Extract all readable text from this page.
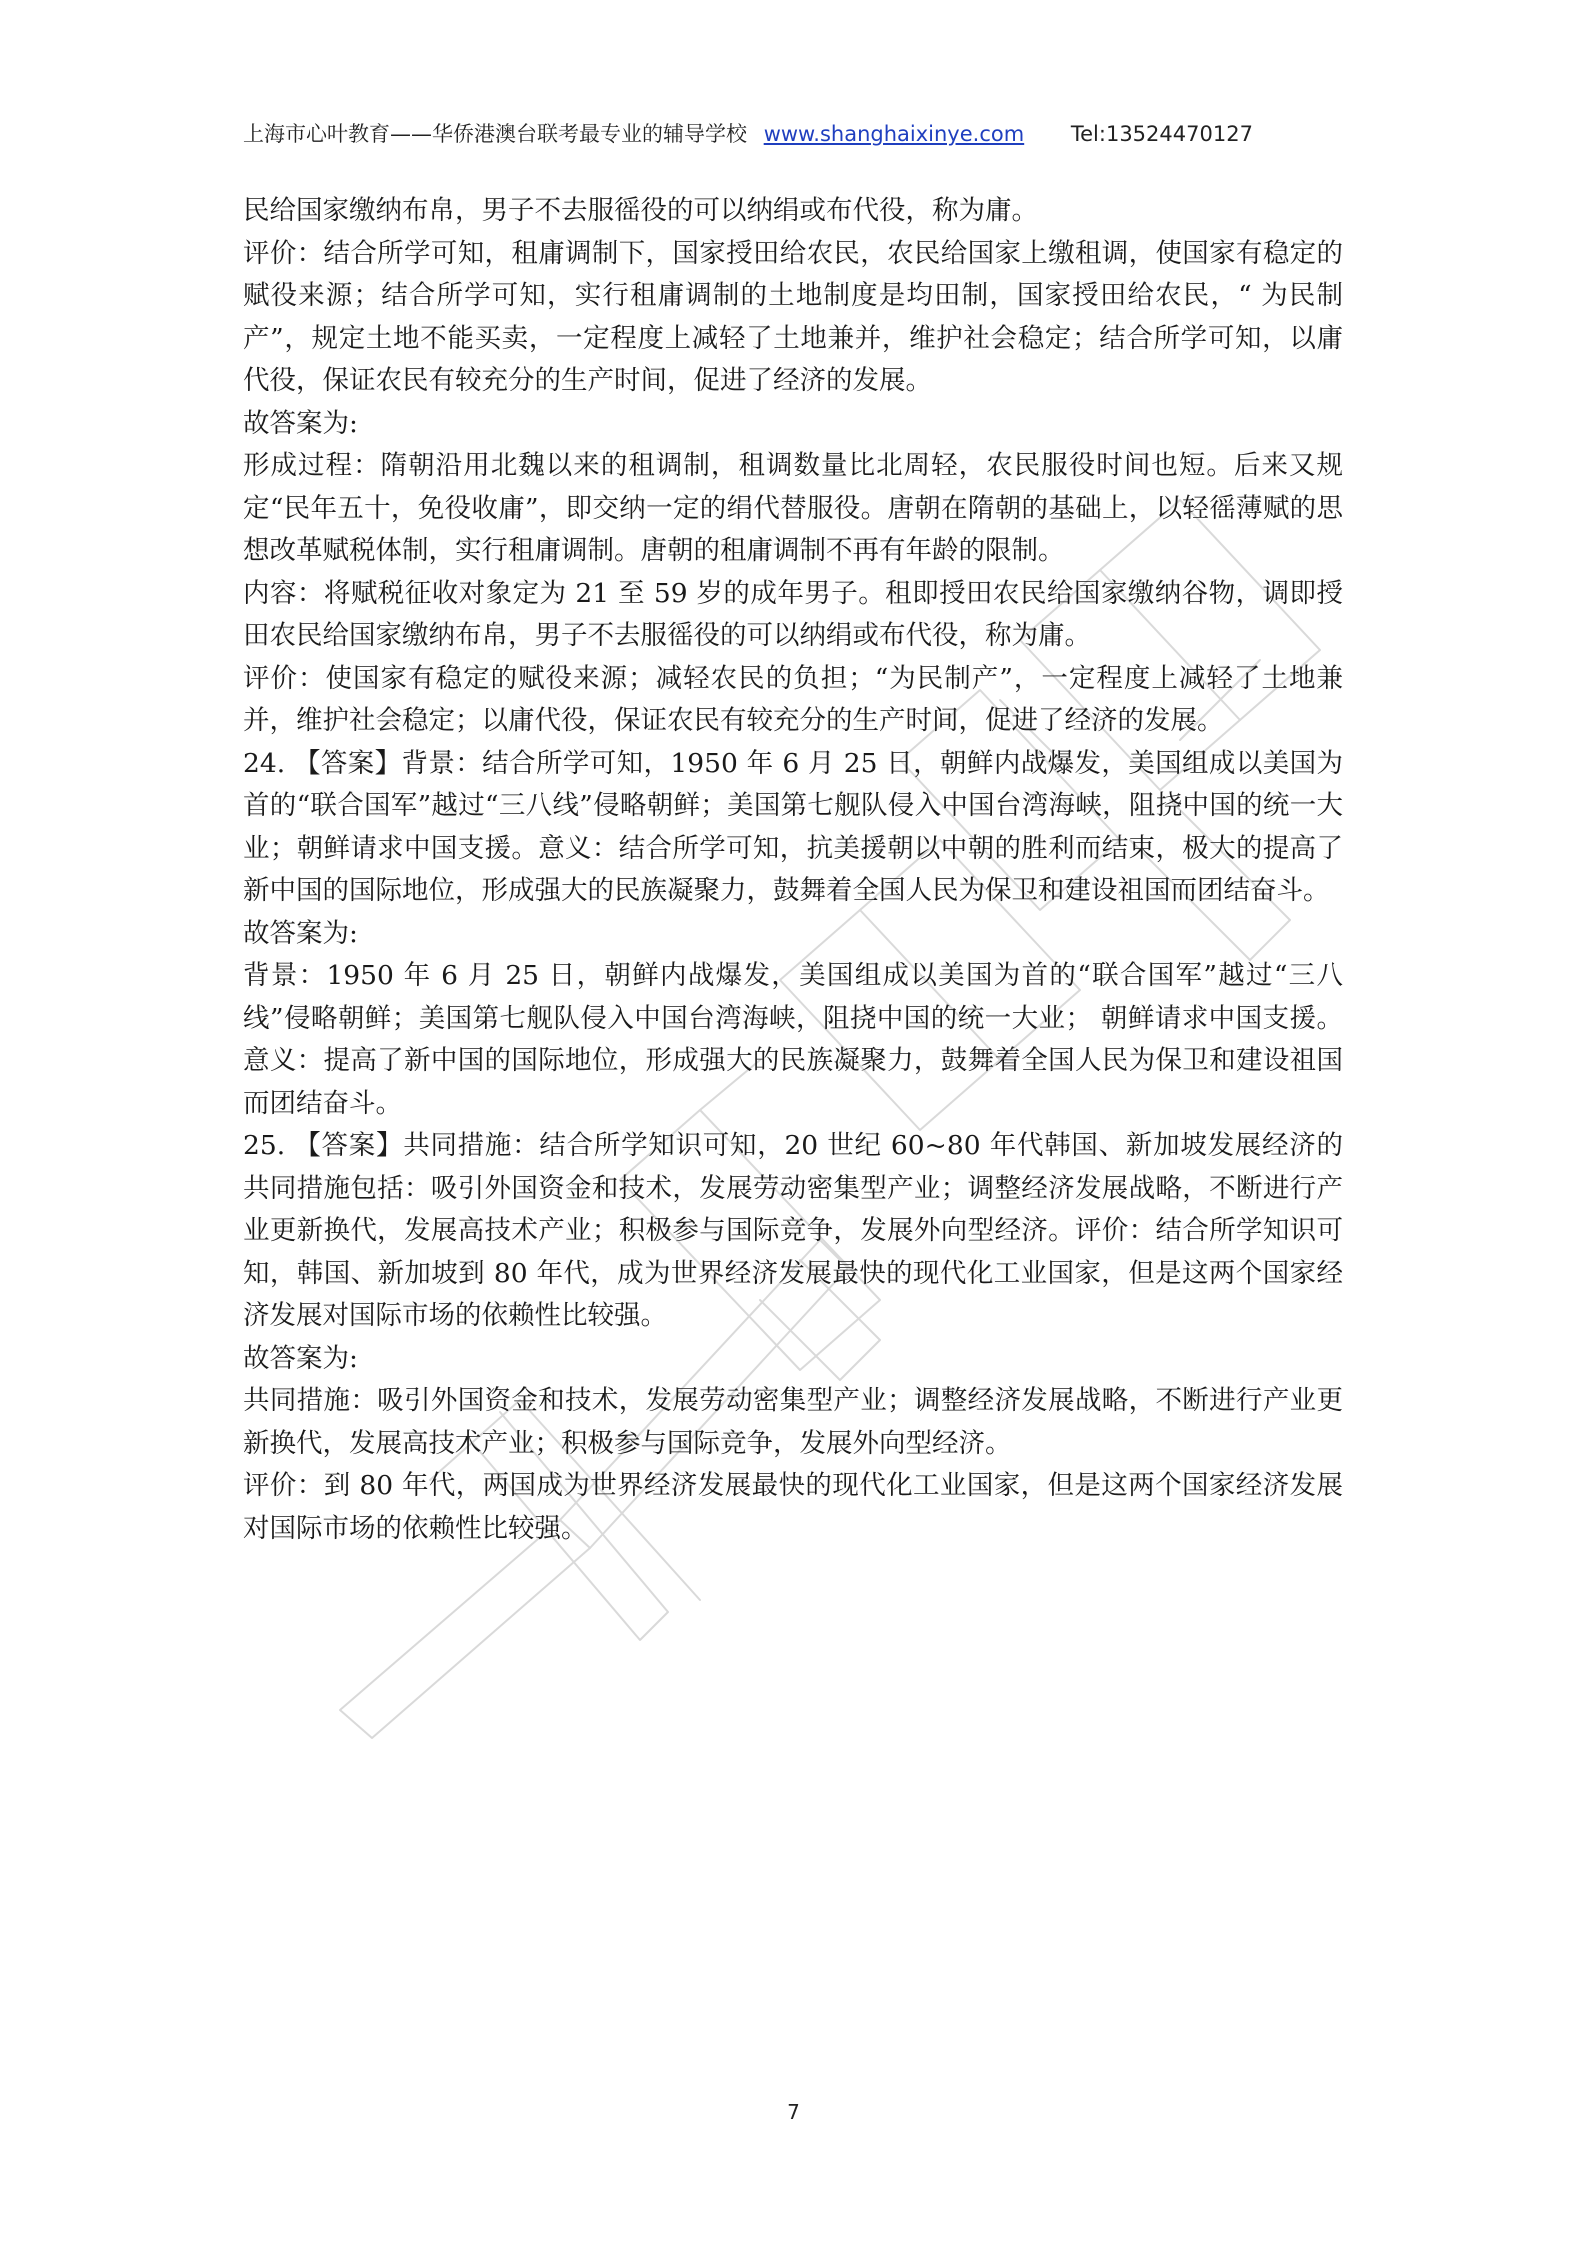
上海市心叶教育——华侨港澳台联考最专业的辅导学校 www.shanghaixinye.com Tel:13524470127

民给国家缴纳布帛，男子不去服徭役的可以纳绢或布代役，称为庸。

评价：结合所学可知，租庸调制下，国家授田给农民，农民给国家上缴租调，使国家有稳定的赋役来源；结合所学可知，实行租庸调制的土地制度是均田制，国家授田给农民，“ 为民制产”，规定土地不能买卖，一定程度上减轻了土地兼并，维护社会稳定；结合所学可知，以庸代役，保证农民有较充分的生产时间，促进了经济的发展。

故答案为:

形成过程：隋朝沿用北魏以来的租调制，租调数量比北周轻，农民服役时间也短。后来又规定“民年五十，免役收庸”，即交纳一定的绢代替服役。唐朝在隋朝的基础上，以轻徭薄赋的思想改革赋税体制，实行租庸调制。唐朝的租庸调制不再有年龄的限制。

内容：将赋税征收对象定为 21 至 59 岁的成年男子。租即授田农民给国家缴纳谷物，调即授田农民给国家缴纳布帛，男子不去服徭役的可以纳绢或布代役，称为庸。

评价：使国家有稳定的赋役来源；减轻农民的负担；“为民制产”，一定程度上减轻了土地兼并，维护社会稳定；以庸代役，保证农民有较充分的生产时间，促进了经济的发展。

24. 【答案】背景：结合所学可知，1950 年 6 月 25 日，朝鲜内战爆发，美国组成以美国为首的“联合国军”越过“三八线”侵略朝鲜；美国第七舰队侵入中国台湾海峡，阻挠中国的统一大业；朝鲜请求中国支援。意义：结合所学可知，抗美援朝以中朝的胜利而结束，极大的提高了新中国的国际地位，形成强大的民族凝聚力，鼓舞着全国人民为保卫和建设祖国而团结奋斗。

故答案为:

背景：1950 年 6 月 25 日，朝鲜内战爆发，美国组成以美国为首的“联合国军”越过“三八线”侵略朝鲜；美国第七舰队侵入中国台湾海峡，阻挠中国的统一大业； 朝鲜请求中国支援。意义：提高了新中国的国际地位，形成强大的民族凝聚力，鼓舞着全国人民为保卫和建设祖国而团结奋斗。

25. 【答案】共同措施：结合所学知识可知，20 世纪 60~80 年代韩国、新加坡发展经济的共同措施包括：吸引外国资金和技术，发展劳动密集型产业；调整经济发展战略，不断进行产业更新换代，发展高技术产业；积极参与国际竞争，发展外向型经济。评价：结合所学知识可知，韩国、新加坡到 80 年代，成为世界经济发展最快的现代化工业国家，但是这两个国家经济发展对国际市场的依赖性比较强。

故答案为:

共同措施：吸引外国资金和技术，发展劳动密集型产业；调整经济发展战略，不断进行产业更新换代，发展高技术产业；积极参与国际竞争，发展外向型经济。

评价：到 80 年代，两国成为世界经济发展最快的现代化工业国家，但是这两个国家经济发展对国际市场的依赖性比较强。

7
